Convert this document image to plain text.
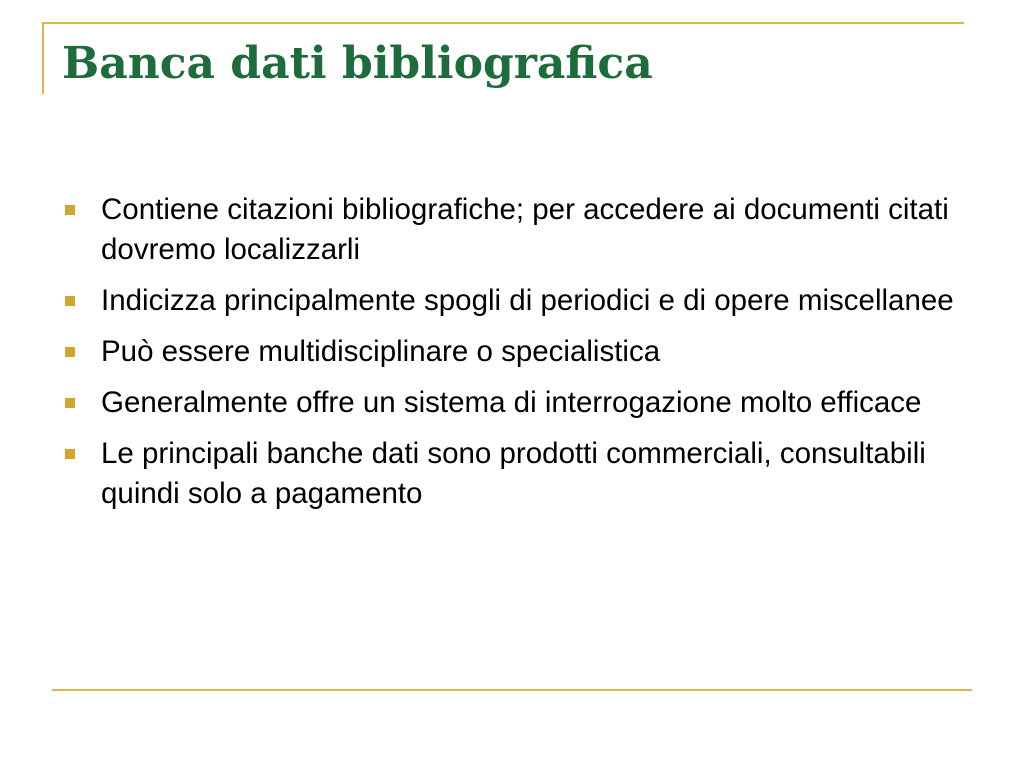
Banca dati bibliografica
Contiene citazioni bibliografiche; per accedere ai documenti citati dovremo localizzarli
Indicizza principalmente spogli di periodici e di opere miscellanee
Può essere multidisciplinare o specialistica
Generalmente offre un sistema di interrogazione molto efficace
Le principali banche dati sono prodotti commerciali, consultabili quindi solo a pagamento
